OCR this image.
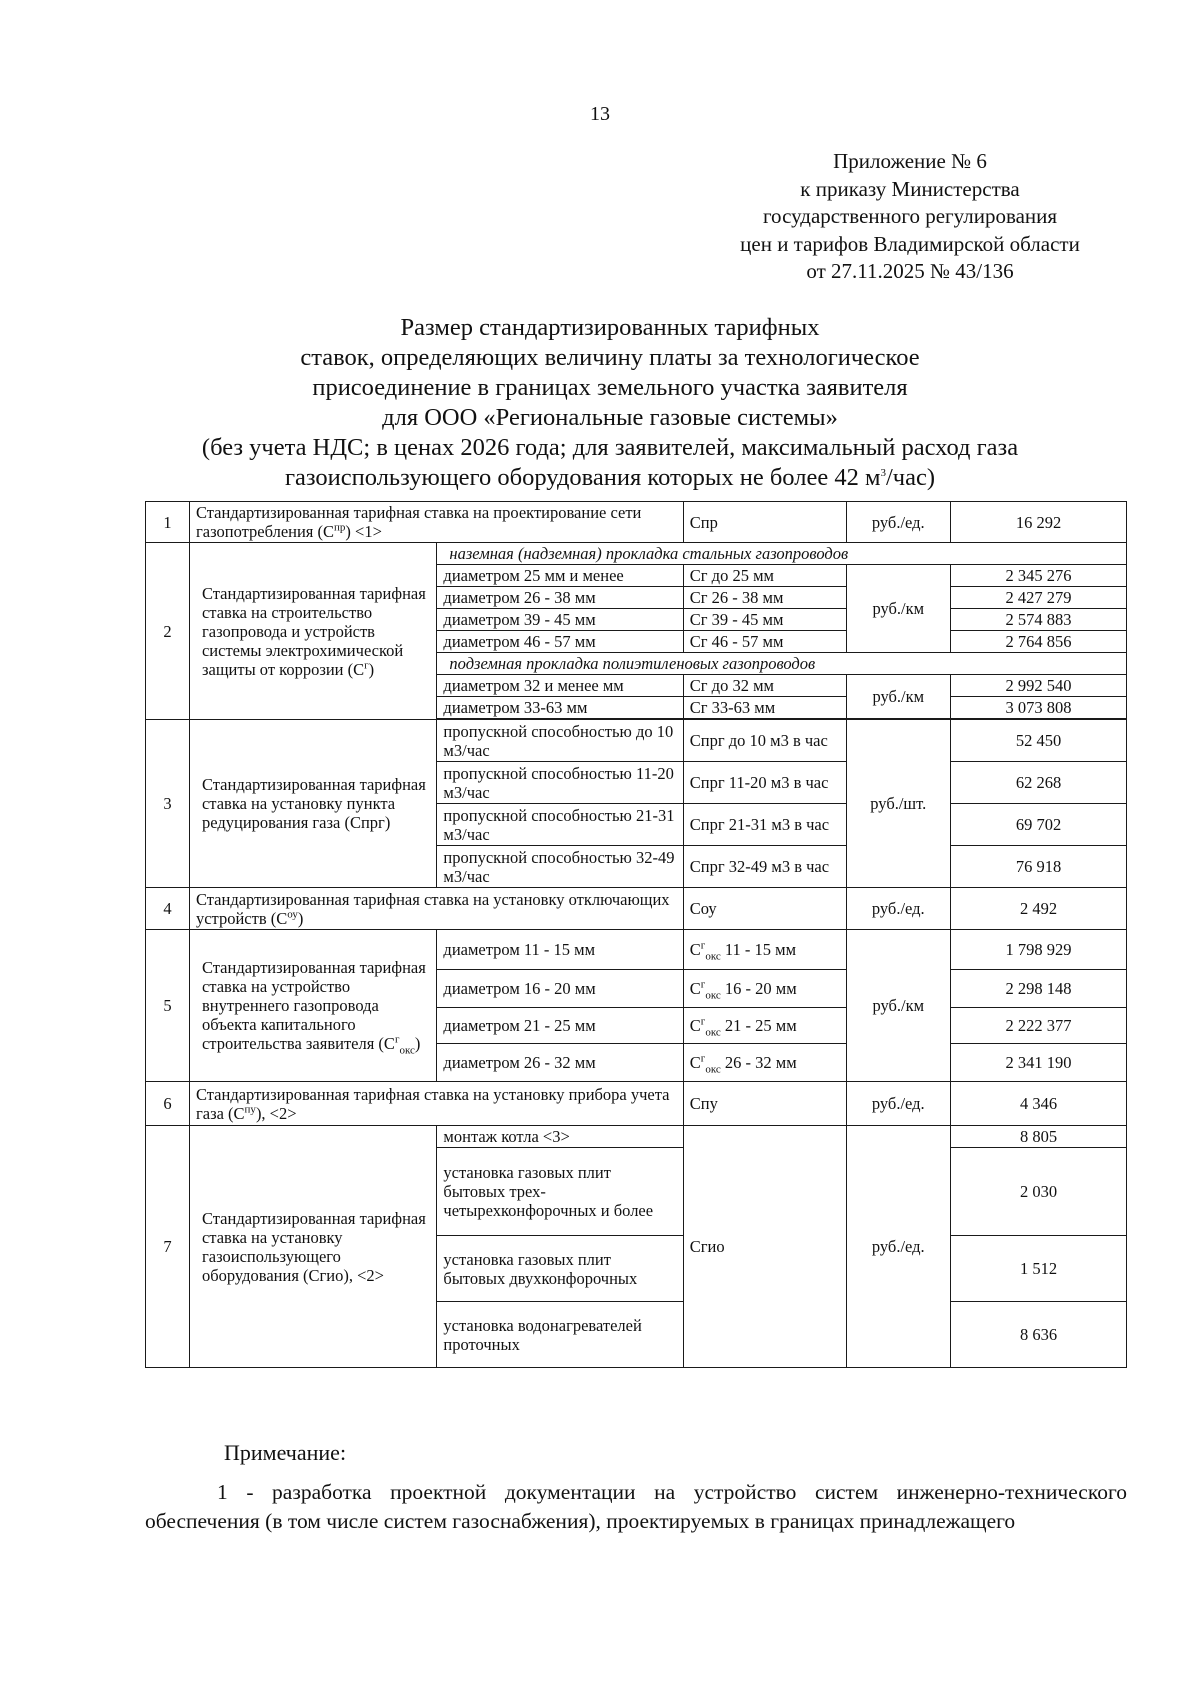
13
Приложение № 6
к приказу Министерства
государственного регулирования
цен и тарифов Владимирской области
от 27.11.2025 № 43/136
Размер стандартизированных тарифных
ставок, определяющих величину платы за технологическое
присоединение в границах земельного участка заявителя
для ООО «Региональные газовые системы»
(без учета НДС; в ценах 2026 года; для заявителей, максимальный расход газа
газоиспользующего оборудования которых не более 42 $м^3/час$)
1	Стандартизированная тарифная ставка на проектирование сети газопотребления $(С^{пр}) <1>$		Спр	руб./ед.	16 292
2	Стандартизированная тарифная ставка на строительство газопровода и устройств системы электрохимической защиты от коррозии $(С^г)$	наземная (надземная) прокладка стальных газопроводов			
		диаметром 25 мм и менее	Сг до 25 мм	руб./км	2 345 276
		диаметром 26 - 38 мм	Сг 26 - 38 мм		2 427 279
		диаметром 39 - 45 мм	Сг 39 - 45 мм		2 574 883
		диаметром 46 - 57 мм	Сг 46 - 57 мм		2 764 856
		подземная прокладка полиэтиленовых газопроводов			
		диаметром 32 и менее мм	Сг до 32 мм	руб./км	2 992 540
		диаметром 33-63 мм	Сг 33-63 мм		3 073 808

3	Стандартизированная тарифная ставка на установку пункта редуцирования газа (Спрг)	пропускной способностью до 10 м3/час	Спрг до 10 м3 в час	руб./шт.	52 450
		пропускной способностью 11-20 м3/час	Спрг 11-20 м3 в час		62 268
		пропускной способностью 21-31 м3/час	Спрг 21-31 м3 в час		69 702
		пропускной способностью 32-49 м3/час	Спрг 32-49 м3 в час		76 918
4	Стандартизированная тарифная ставка на установку отключающих устройств $(С^{оу})$		Соу	руб./ед.	2 492
5	Стандартизированная тарифная ставка на устройство внутреннего газопровода объекта капитального строительства заявителя $(С^г_{окс})$	диаметром 11 - 15 мм	$С^г_{окс}$ 11 - 15 мм	руб./км	1 798 929
		диаметром 16 - 20 мм	$С^г_{окс}$ 16 - 20 мм		2 298 148
		диаметром 21 - 25 мм	$С^г_{окс}$ 21 - 25 мм		2 222 377
		диаметром 26 - 32 мм	$С^г_{окс}$ 26 - 32 мм		2 341 190
6	Стандартизированная тарифная ставка на установку прибора учета газа $(С^{пу})$, <2>		Спу	руб./ед.	4 346
7	Стандартизированная тарифная ставка на установку газоиспользующего оборудования (Сгио), <2>	монтаж котла <3>	Сгио	руб./ед.	8 805
		установка газовых плит бытовых трех-четырехконфорочных и более			2 030
		установка газовых плит бытовых двухконфорочных			1 512
		установка водонагревателей проточных			8 636
Примечание:
1 - разработка проектной документации на устройство систем инженерно-технического обеспечения (в том числе систем газоснабжения), проектируемых в границах принадлежащего
